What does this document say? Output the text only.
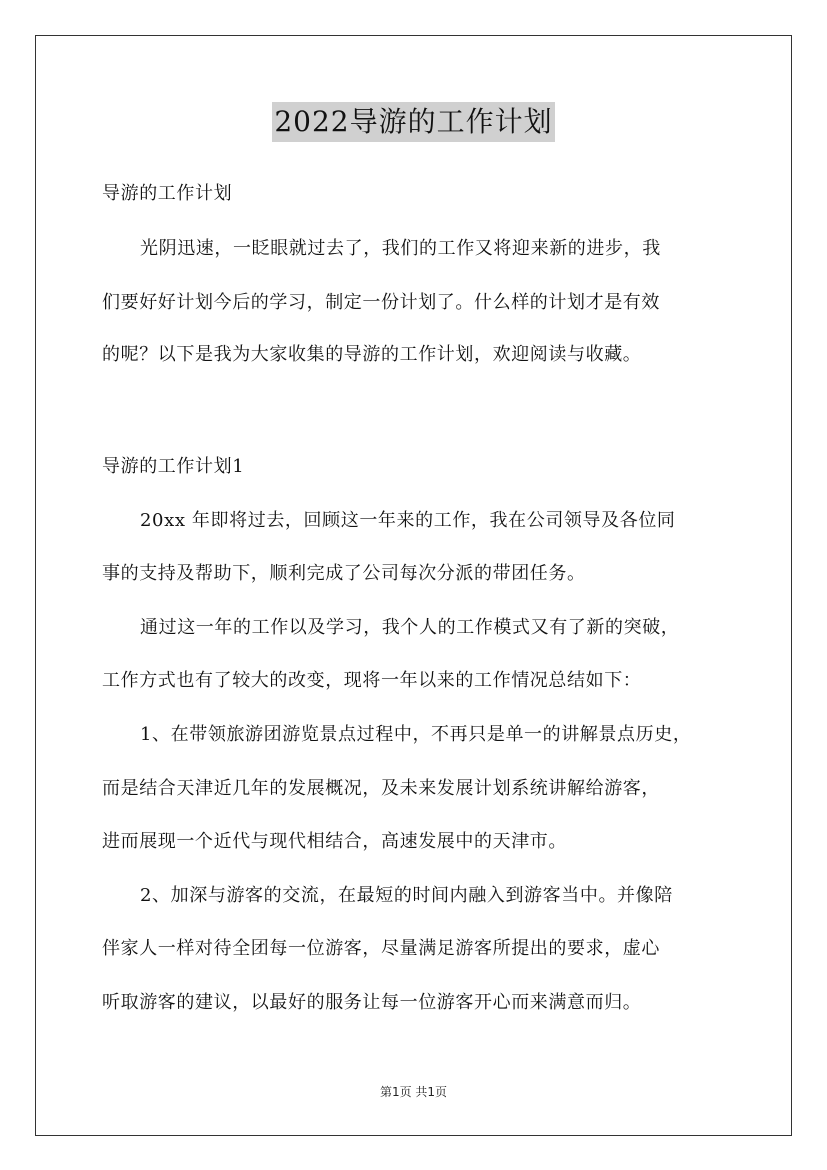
2022导游的工作计划
导游的工作计划
光阴迅速，一眨眼就过去了，我们的工作又将迎来新的进步，我
们要好好计划今后的学习，制定一份计划了。什么样的计划才是有效
的呢？以下是我为大家收集的导游的工作计划，欢迎阅读与收藏。
导游的工作计划1
20xx 年即将过去，回顾这一年来的工作，我在公司领导及各位同
事的支持及帮助下，顺利完成了公司每次分派的带团任务。
通过这一年的工作以及学习，我个人的工作模式又有了新的突破，
工作方式也有了较大的改变，现将一年以来的工作情况总结如下：
1、在带领旅游团游览景点过程中，不再只是单一的讲解景点历史，
而是结合天津近几年的发展概况，及未来发展计划系统讲解给游客，
进而展现一个近代与现代相结合，高速发展中的天津市。
2、加深与游客的交流，在最短的时间内融入到游客当中。并像陪
伴家人一样对待全团每一位游客，尽量满足游客所提出的要求，虚心
听取游客的建议，以最好的服务让每一位游客开心而来满意而归。
第1页 共1页
